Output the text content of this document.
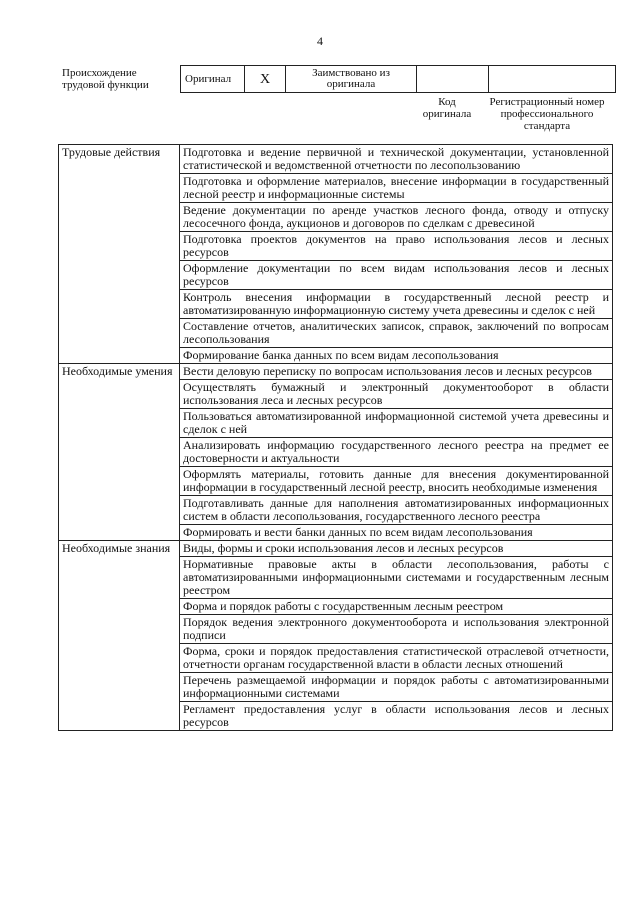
4
Происхождение трудовой функции
Оригинал	X	Заимствовано из оригинала		
Код оригинала
Регистрационный номер профессионального стандарта
Трудовые действия	Подготовка и ведение первичной и технической документации, установленной статистической и ведомственной отчетности по лесопользованию
	Подготовка и оформление материалов, внесение информации в государственный лесной реестр и информационные системы
	Ведение документации по аренде участков лесного фонда, отводу и отпуску лесосечного фонда, аукционов и договоров по сделкам с древесиной
	Подготовка проектов документов на право использования лесов и лесных ресурсов
	Оформление документации по всем видам использования лесов и лесных ресурсов
	Контроль внесения информации в государственный лесной реестр и автоматизированную информационную систему учета древесины и сделок с ней
	Составление отчетов, аналитических записок, справок, заключений по вопросам лесопользования
	Формирование банка данных по всем видам лесопользования
Необходимые умения	Вести деловую переписку по вопросам использования лесов и лесных ресурсов
	Осуществлять бумажный и электронный документооборот в области использования леса и лесных ресурсов
	Пользоваться автоматизированной информационной системой учета древесины и сделок с ней
	Анализировать информацию государственного лесного реестра на предмет ее достоверности и актуальности
	Оформлять материалы, готовить данные для внесения документированной информации в государственный лесной реестр, вносить необходимые изменения
	Подготавливать данные для наполнения автоматизированных информационных систем в области лесопользования, государственного лесного реестра
	Формировать и вести банки данных по всем видам лесопользования
Необходимые знания	Виды, формы и сроки использования лесов и лесных ресурсов
	Нормативные правовые акты в области лесопользования, работы с автоматизированными информационными системами и государственным лесным реестром
	Форма и порядок работы с государственным лесным реестром
	Порядок ведения электронного документооборота и использования электронной подписи
	Форма, сроки и порядок предоставления статистической отраслевой отчетности, отчетности органам государственной власти в области лесных отношений
	Перечень размещаемой информации и порядок работы с автоматизированными информационными системами
	Регламент предоставления услуг в области использования лесов и лесных ресурсов
